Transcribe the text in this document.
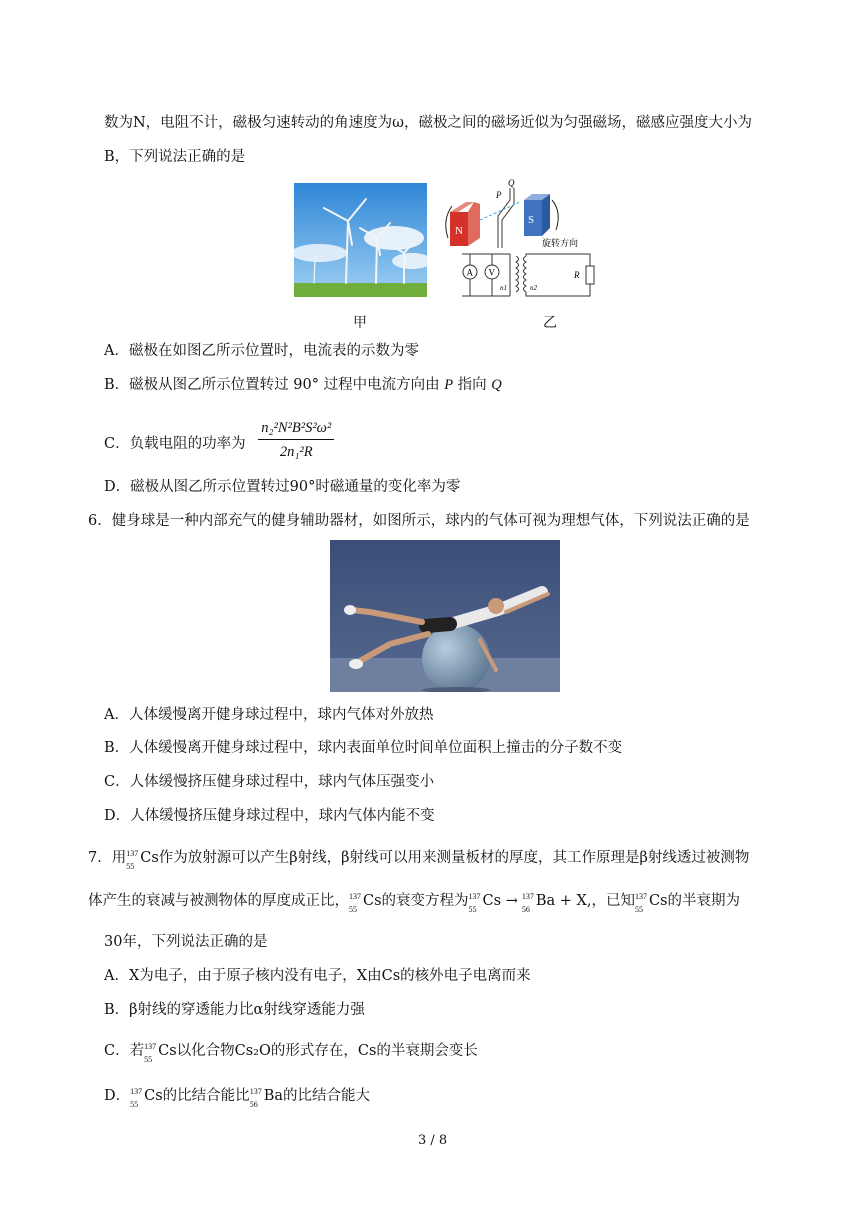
数为N，电阻不计，磁极匀速转动的角速度为ω，磁极之间的磁场近似为匀强磁场，磁感应强度大小为
B，下列说法正确的是
N
S
P
Q
A V
n1	n2
R
旋转方向
甲	乙
A．磁极在如图乙所示位置时，电流表的示数为零
B．磁极从图乙所示位置转过 90° 过程中电流方向由 P 指向 Q
C．负载电阻的功率为 $\frac{\text{n₂²N²B²S²ω²}}{\text{2n₁²R}}$
D．磁极从图乙所示位置转过90°时磁通量的变化率为零
6．健身球是一种内部充气的健身辅助器材，如图所示，球内的气体可视为理想气体，下列说法正确的是
A．人体缓慢离开健身球过程中，球内气体对外放热
B．人体缓慢离开健身球过程中，球内表面单位时间单位面积上撞击的分子数不变
C．人体缓慢挤压健身球过程中，球内气体压强变小
D．人体缓慢挤压健身球过程中，球内气体内能不变
7．用 137
55
Cs作为放射源可以产生β射线，β射线可以用来测量板材的厚度，其工作原理是β射线透过被测物
体产生的衰减与被测物体的厚度成正比， 137
55
Cs的衰变方程为 137
55
Cs → 137
56
Ba + X,，已知 137
55
Cs的半衰期为
30年，下列说法正确的是
A．X为电子，由于原子核内没有电子，X由Cs的核外电子电离而来
B．β射线的穿透能力比α射线穿透能力强
C．若 137
55
Cs以化合物Cs₂O的形式存在，Cs的半衰期会变长
D． 137
55
Cs的比结合能比 137
56
Ba的比结合能大
3 / 8
